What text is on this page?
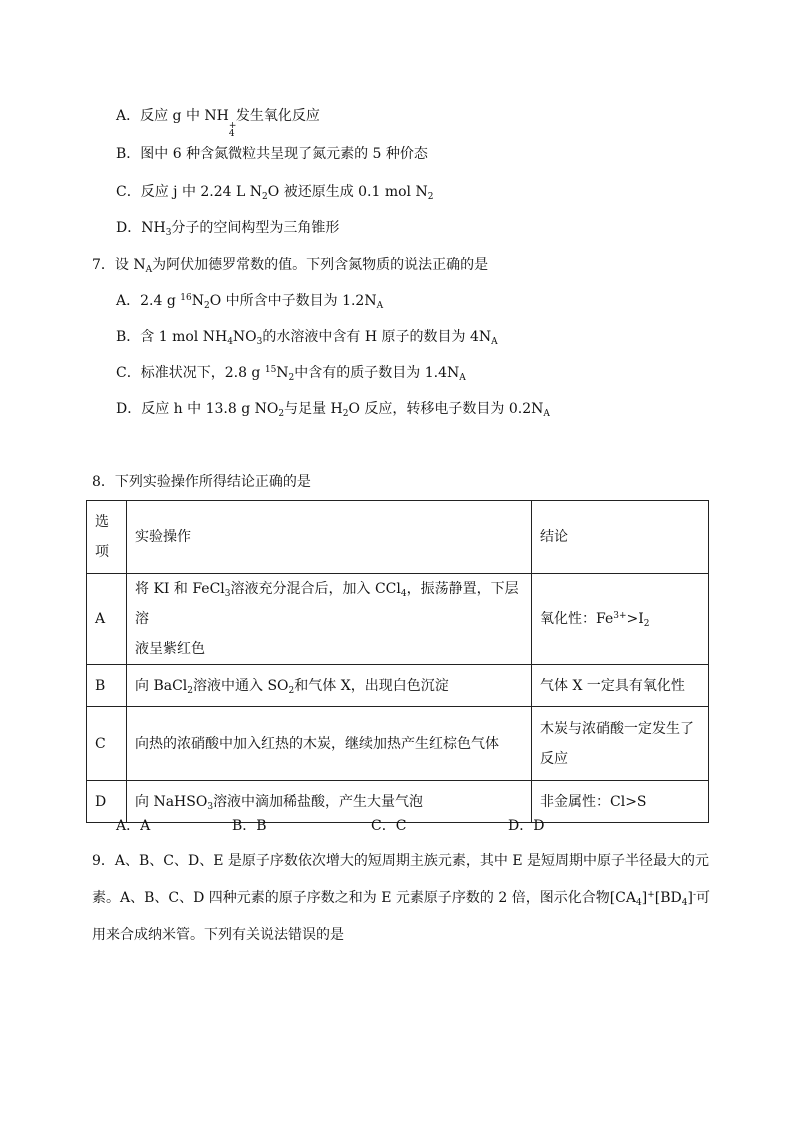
A．反应 g 中 NH
+
4
发生氧化反应
B．图中 6 种含氮微粒共呈现了氮元素的 5 种价态
C．反应 j 中 2.24 L $N_2O$ 被还原生成 0.1 mol $N_2$
D．$NH_3$分子的空间构型为三角锥形
7．设 $N_A$为阿伏加德罗常数的值。下列含氮物质的说法正确的是
A．2.4 g $^{16}N_2O$ 中所含中子数目为 $1.2N_A$
B．含 1 mol $NH_4NO_3$的水溶液中含有 H 原子的数目为 $4N_A$
C．标准状况下，2.8 g $^{15}N_2$中含有的质子数目为 $1.4N_A$
D．反应 h 中 13.8 g $NO_2$与足量 $H_2O$ 反应，转移电子数目为 $0.2N_A$
8．下列实验操作所得结论正确的是
选
项	实验操作	结论
A	将 KI 和 FeCl$_3$溶液充分混合后，加入 CCl$_4$，振荡静置，下层溶
液呈紫红色	氧化性：$Fe^{3+}>I_2$
B	向 BaCl$_2$溶液中通入 $SO_2$和气体 X，出现白色沉淀	气体 X 一定具有氧化性
C	向热的浓硝酸中加入红热的木炭，继续加热产生红棕色气体	木炭与浓硝酸一定发生了
反应

D	向 NaHSO$_3$溶液中滴加稀盐酸，产生大量气泡	非金属性：Cl>S
A．A	B．B	C．C	D．D
9．A、B、C、D、E 是原子序数依次增大的短周期主族元素，其中 E 是短周期中原子半径最大的元
素。A、B、C、D 四种元素的原子序数之和为 E 元素原子序数的 2 倍，图示化合物$[CA_4]^+[BD_4]^-$可
用来合成纳米管。下列有关说法错误的是
